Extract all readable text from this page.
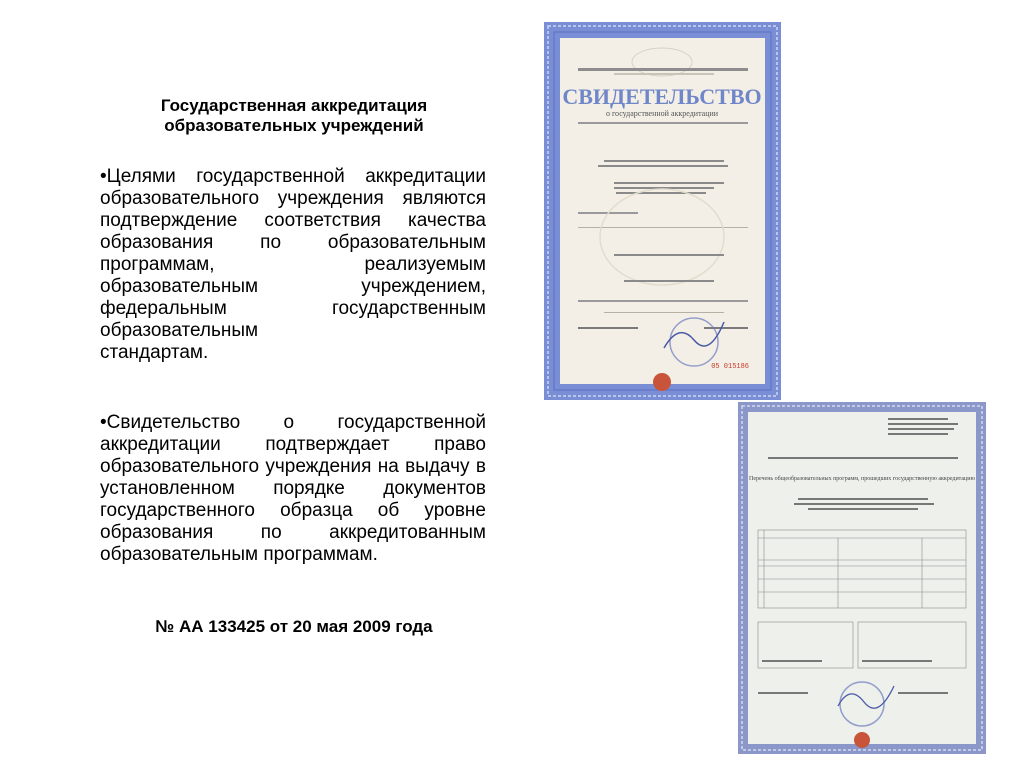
Государственная аккредитация
образовательных учреждений
•Целями государственной аккредитации образовательного учреждения являются подтверждение соответствия качества образования по образовательным программам, реализуемым образовательным учреждением, федеральным государственным образовательным
стандартам.
•Свидетельство о государственной аккредитации подтверждает право образовательного учреждения на выдачу в установленном порядке документов государственного образца об уровне образования по аккредитованным образовательным программам.
№ АА 133425 от 20 мая 2009 года
СВИДЕТЕЛЬСТВО
о государственной аккредитации
05 015186
Перечень общеобразовательных программ, прошедших государственную аккредитацию
